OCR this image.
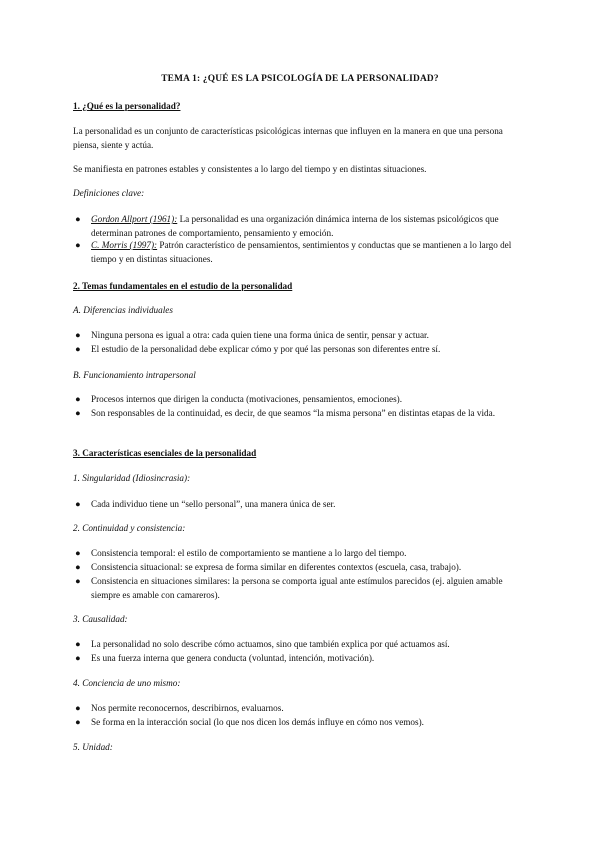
TEMA 1: ¿QUÉ ES LA PSICOLOGÍA DE LA PERSONALIDAD?

1. ¿Qué es la personalidad?

La personalidad es un conjunto de características psicológicas internas que influyen en la manera en que una persona piensa, siente y actúa.

Se manifiesta en patrones estables y consistentes a lo largo del tiempo y en distintas situaciones.

Definiciones clave:

● Gordon Allport (1961): La personalidad es una organización dinámica interna de los sistemas psicológicos que determinan patrones de comportamiento, pensamiento y emoción.
● C. Morris (1997): Patrón característico de pensamientos, sentimientos y conductas que se mantienen a lo largo del tiempo y en distintas situaciones.

2. Temas fundamentales en el estudio de la personalidad

A. Diferencias individuales

● Ninguna persona es igual a otra: cada quien tiene una forma única de sentir, pensar y actuar.
● El estudio de la personalidad debe explicar cómo y por qué las personas son diferentes entre sí.

B. Funcionamiento intrapersonal

● Procesos internos que dirigen la conducta (motivaciones, pensamientos, emociones).
● Son responsables de la continuidad, es decir, de que seamos “la misma persona” en distintas etapas de la vida.

3. Características esenciales de la personalidad

1. Singularidad (Idiosincrasia):

● Cada individuo tiene un “sello personal”, una manera única de ser.

2. Continuidad y consistencia:

● Consistencia temporal: el estilo de comportamiento se mantiene a lo largo del tiempo.
● Consistencia situacional: se expresa de forma similar en diferentes contextos (escuela, casa, trabajo).
● Consistencia en situaciones similares: la persona se comporta igual ante estímulos parecidos (ej. alguien amable siempre es amable con camareros).

3. Causalidad:

● La personalidad no solo describe cómo actuamos, sino que también explica por qué actuamos así.
● Es una fuerza interna que genera conducta (voluntad, intención, motivación).

4. Conciencia de uno mismo:

● Nos permite reconocernos, describirnos, evaluarnos.
● Se forma en la interacción social (lo que nos dicen los demás influye en cómo nos vemos).

5. Unidad:
